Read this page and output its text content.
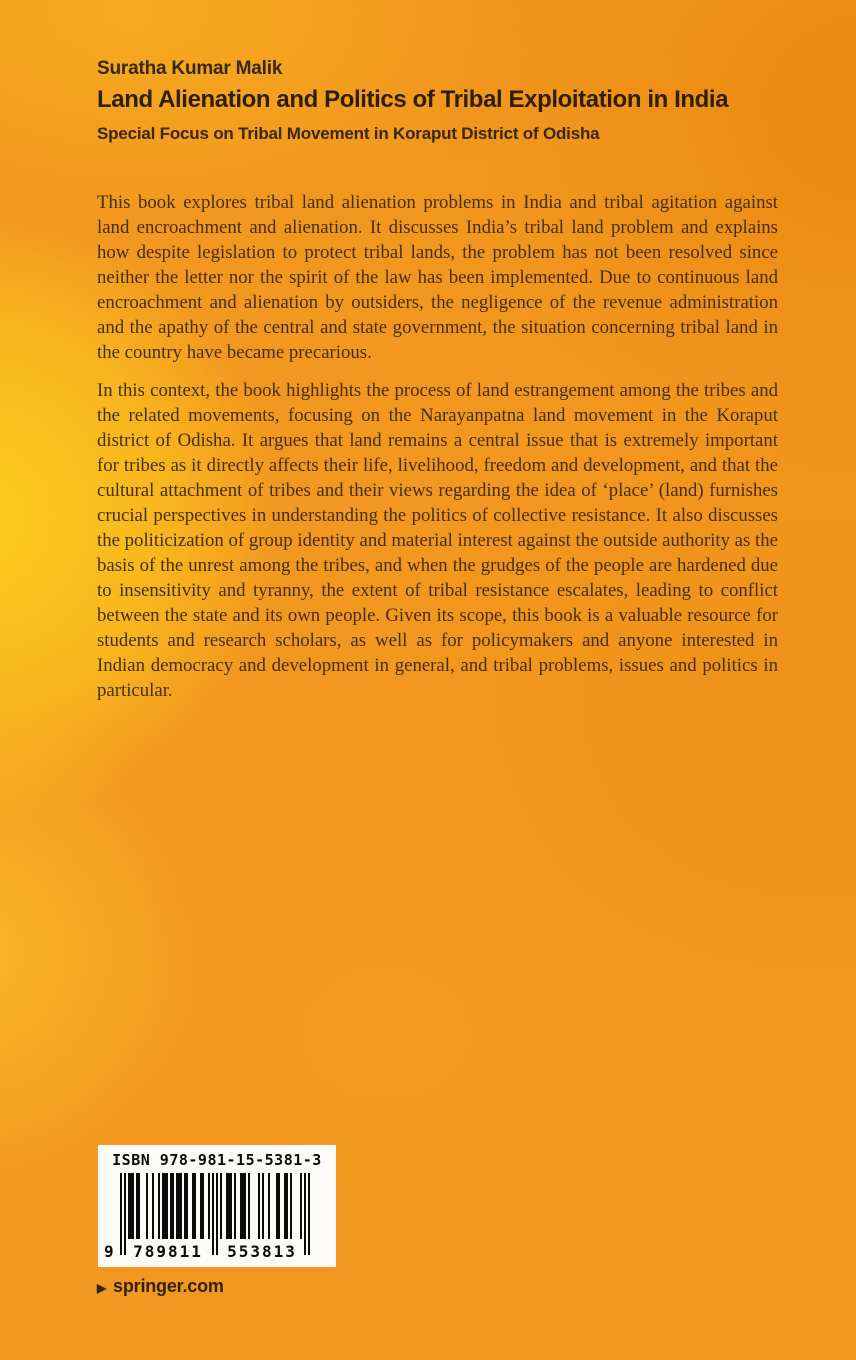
Suratha Kumar Malik
Land Alienation and Politics of Tribal Exploitation in India
Special Focus on Tribal Movement in Koraput District of Odisha

This book explores tribal land alienation problems in India and tribal agitation against land encroachment and alienation. It discusses India’s tribal land problem and explains how despite legislation to protect tribal lands, the problem has not been resolved since neither the letter nor the spirit of the law has been implemented. Due to continuous land encroachment and alienation by outsiders, the negligence of the revenue administration and the apathy of the central and state government, the situation concerning tribal land in the country have became precarious.

In this context, the book highlights the process of land estrangement among the tribes and the related movements, focusing on the Narayanpatna land movement in the Koraput district of Odisha. It argues that land remains a central issue that is extremely important for tribes as it directly affects their life, livelihood, freedom and development, and that the cultural attachment of tribes and their views regarding the idea of ‘place’ (land) furnishes crucial perspectives in understanding the politics of collective resistance. It also discusses the politicization of group identity and material interest against the outside authority as the basis of the unrest among the tribes, and when the grudges of the people are hardened due to insensitivity and tyranny, the extent of tribal resistance escalates, leading to conflict between the state and its own people. Given its scope, this book is a valuable resource for students and research scholars, as well as for policymakers and anyone interested in Indian democracy and development in general, and tribal problems, issues and politics in particular.

ISBN 978-981-15-5381-3
9	789811	553813
▶ springer.com
